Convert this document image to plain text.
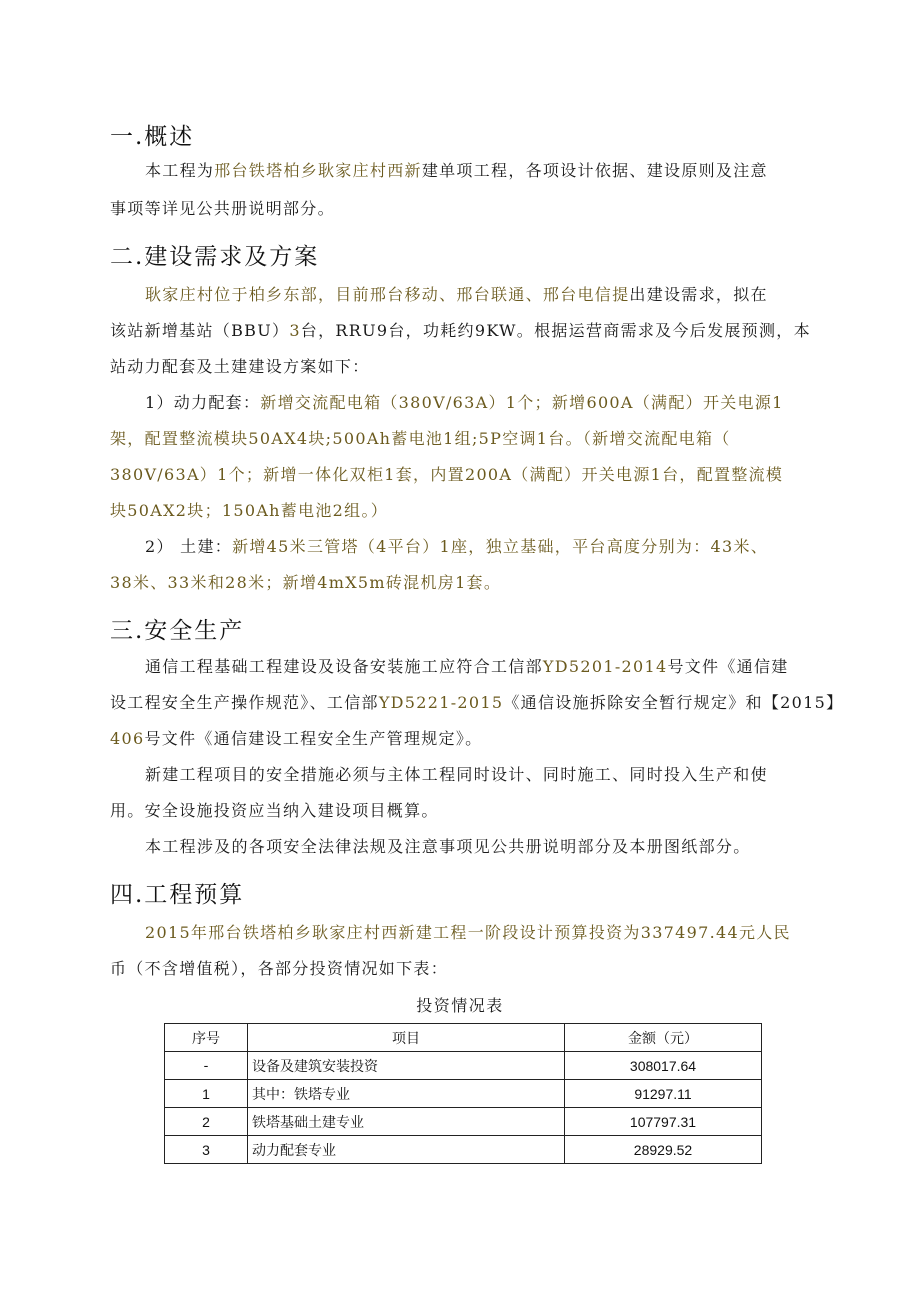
一.概述

本工程为邢台铁塔柏乡耿家庄村西新建单项工程，各项设计依据、建设原则及注意

事项等详见公共册说明部分。

二.建设需求及方案

耿家庄村位于柏乡东部，目前邢台移动、邢台联通、邢台电信提出建设需求，拟在

该站新增基站（BBU）3台，RRU9台，功耗约9KW。根据运营商需求及今后发展预测，本

站动力配套及土建建设方案如下：

1）动力配套：新增交流配电箱（380V/63A）1个；新增600A（满配）开关电源1

架，配置整流模块50AX4块;500Ah蓄电池1组;5P空调1台。（新增交流配电箱（

380V/63A）1个；新增一体化双柜1套，内置200A（满配）开关电源1台，配置整流模

块50AX2块；150Ah蓄电池2组。）

2） 土建：新增45米三管塔（4平台）1座，独立基础，平台高度分别为：43米、

38米、33米和28米；新增4mX5m砖混机房1套。

三.安全生产

通信工程基础工程建设及设备安装施工应符合工信部YD5201-2014号文件《通信建

设工程安全生产操作规范》、工信部YD5221-2015《通信设施拆除安全暂行规定》和【2015】

406号文件《通信建设工程安全生产管理规定》。

新建工程项目的安全措施必须与主体工程同时设计、同时施工、同时投入生产和使

用。安全设施投资应当纳入建设项目概算。

本工程涉及的各项安全法律法规及注意事项见公共册说明部分及本册图纸部分。

四.工程预算

2015年邢台铁塔柏乡耿家庄村西新建工程一阶段设计预算投资为337497.44元人民

币（不含增值税），各部分投资情况如下表：

投资情况表
序号	项目	金额（元）
-	设备及建筑安装投资	308017.64
1	其中：铁塔专业	91297.11
2	铁塔基础土建专业	107797.31
3	动力配套专业	28929.52
